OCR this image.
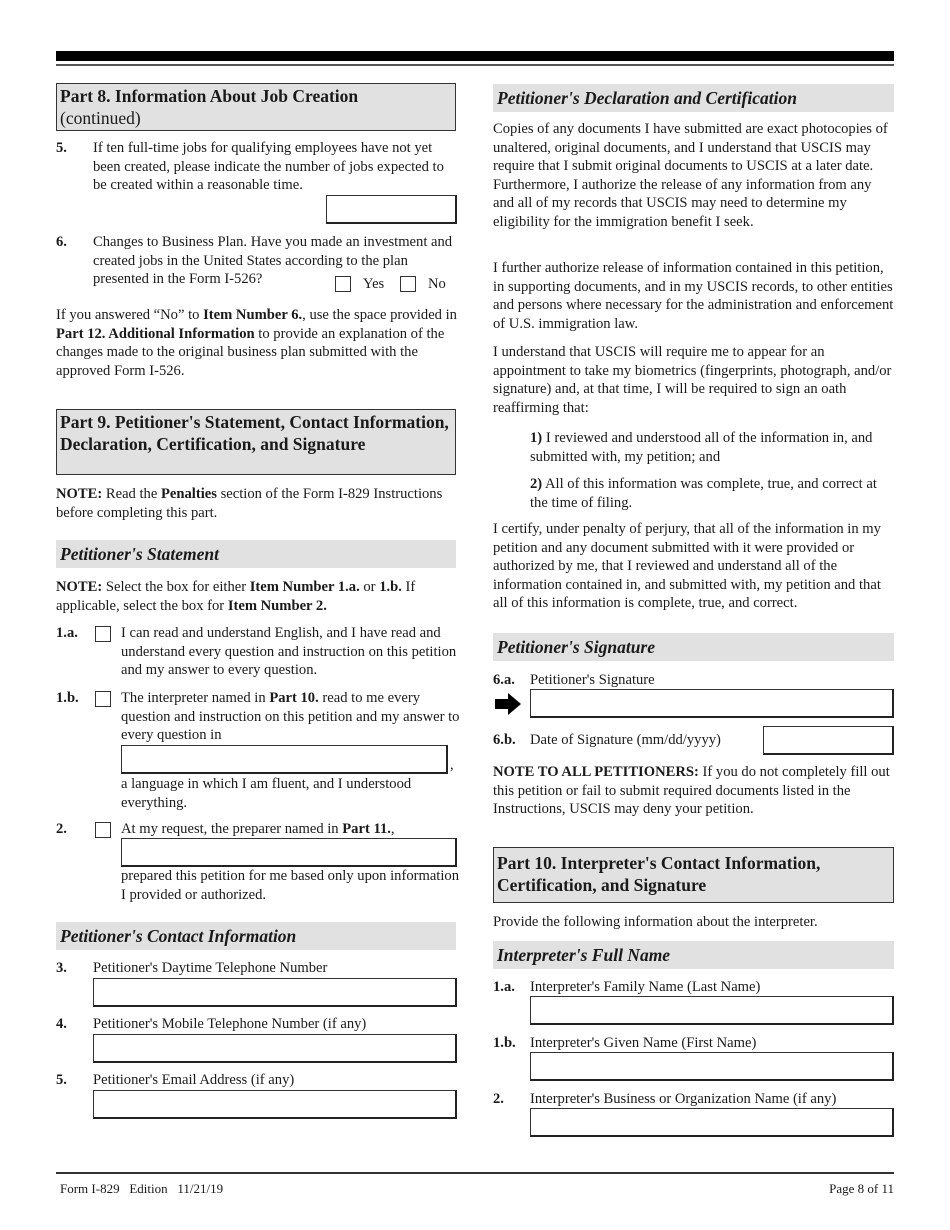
Part 8. Information About Job Creation
(continued)
5. If ten full-time jobs for qualifying employees have not yet been created, please indicate the number of jobs expected to be created within a reasonable time.
6. Changes to Business Plan. Have you made an investment and created jobs in the United States according to the plan presented in the Form I-526?	Yes	No
If you answered “No” to Item Number 6., use the space provided in Part 12. Additional Information to provide an explanation of the changes made to the original business plan submitted with the approved Form I-526.
Part 9. Petitioner's Statement, Contact Information, Declaration, Certification, and Signature
NOTE: Read the Penalties section of the Form I-829 Instructions before completing this part.
Petitioner's Statement
NOTE: Select the box for either Item Number 1.a. or 1.b. If applicable, select the box for Item Number 2.
1.a.	I can read and understand English, and I have read and understand every question and instruction on this petition and my answer to every question.
1.b.	The interpreter named in Part 10. read to me every question and instruction on this petition and my answer to every question in
,
a language in which I am fluent, and I understood everything.
2.	At my request, the preparer named in Part 11.,
prepared this petition for me based only upon information I provided or authorized.
Petitioner's Contact Information
3. Petitioner's Daytime Telephone Number
4. Petitioner's Mobile Telephone Number (if any)
5. Petitioner's Email Address (if any)
Petitioner's Declaration and Certification
Copies of any documents I have submitted are exact photocopies of unaltered, original documents, and I understand that USCIS may require that I submit original documents to USCIS at a later date. Furthermore, I authorize the release of any information from any and all of my records that USCIS may need to determine my eligibility for the immigration benefit I seek.
I further authorize release of information contained in this petition, in supporting documents, and in my USCIS records, to other entities and persons where necessary for the administration and enforcement of U.S. immigration law.
I understand that USCIS will require me to appear for an appointment to take my biometrics (fingerprints, photograph, and/or signature) and, at that time, I will be required to sign an oath reaffirming that:
1) I reviewed and understood all of the information in, and submitted with, my petition; and
2) All of this information was complete, true, and correct at the time of filing.
I certify, under penalty of perjury, that all of the information in my petition and any document submitted with it were provided or authorized by me, that I reviewed and understand all of the information contained in, and submitted with, my petition and that all of this information is complete, true, and correct.
Petitioner's Signature
6.a. Petitioner's Signature
6.b. Date of Signature (mm/dd/yyyy)
NOTE TO ALL PETITIONERS: If you do not completely fill out this petition or fail to submit required documents listed in the Instructions, USCIS may deny your petition.
Part 10. Interpreter's Contact Information, Certification, and Signature
Provide the following information about the interpreter.
Interpreter's Full Name
1.a. Interpreter's Family Name (Last Name)
1.b. Interpreter's Given Name (First Name)
2. Interpreter's Business or Organization Name (if any)
Form I-829 Edition 11/21/19	Page 8 of 11
